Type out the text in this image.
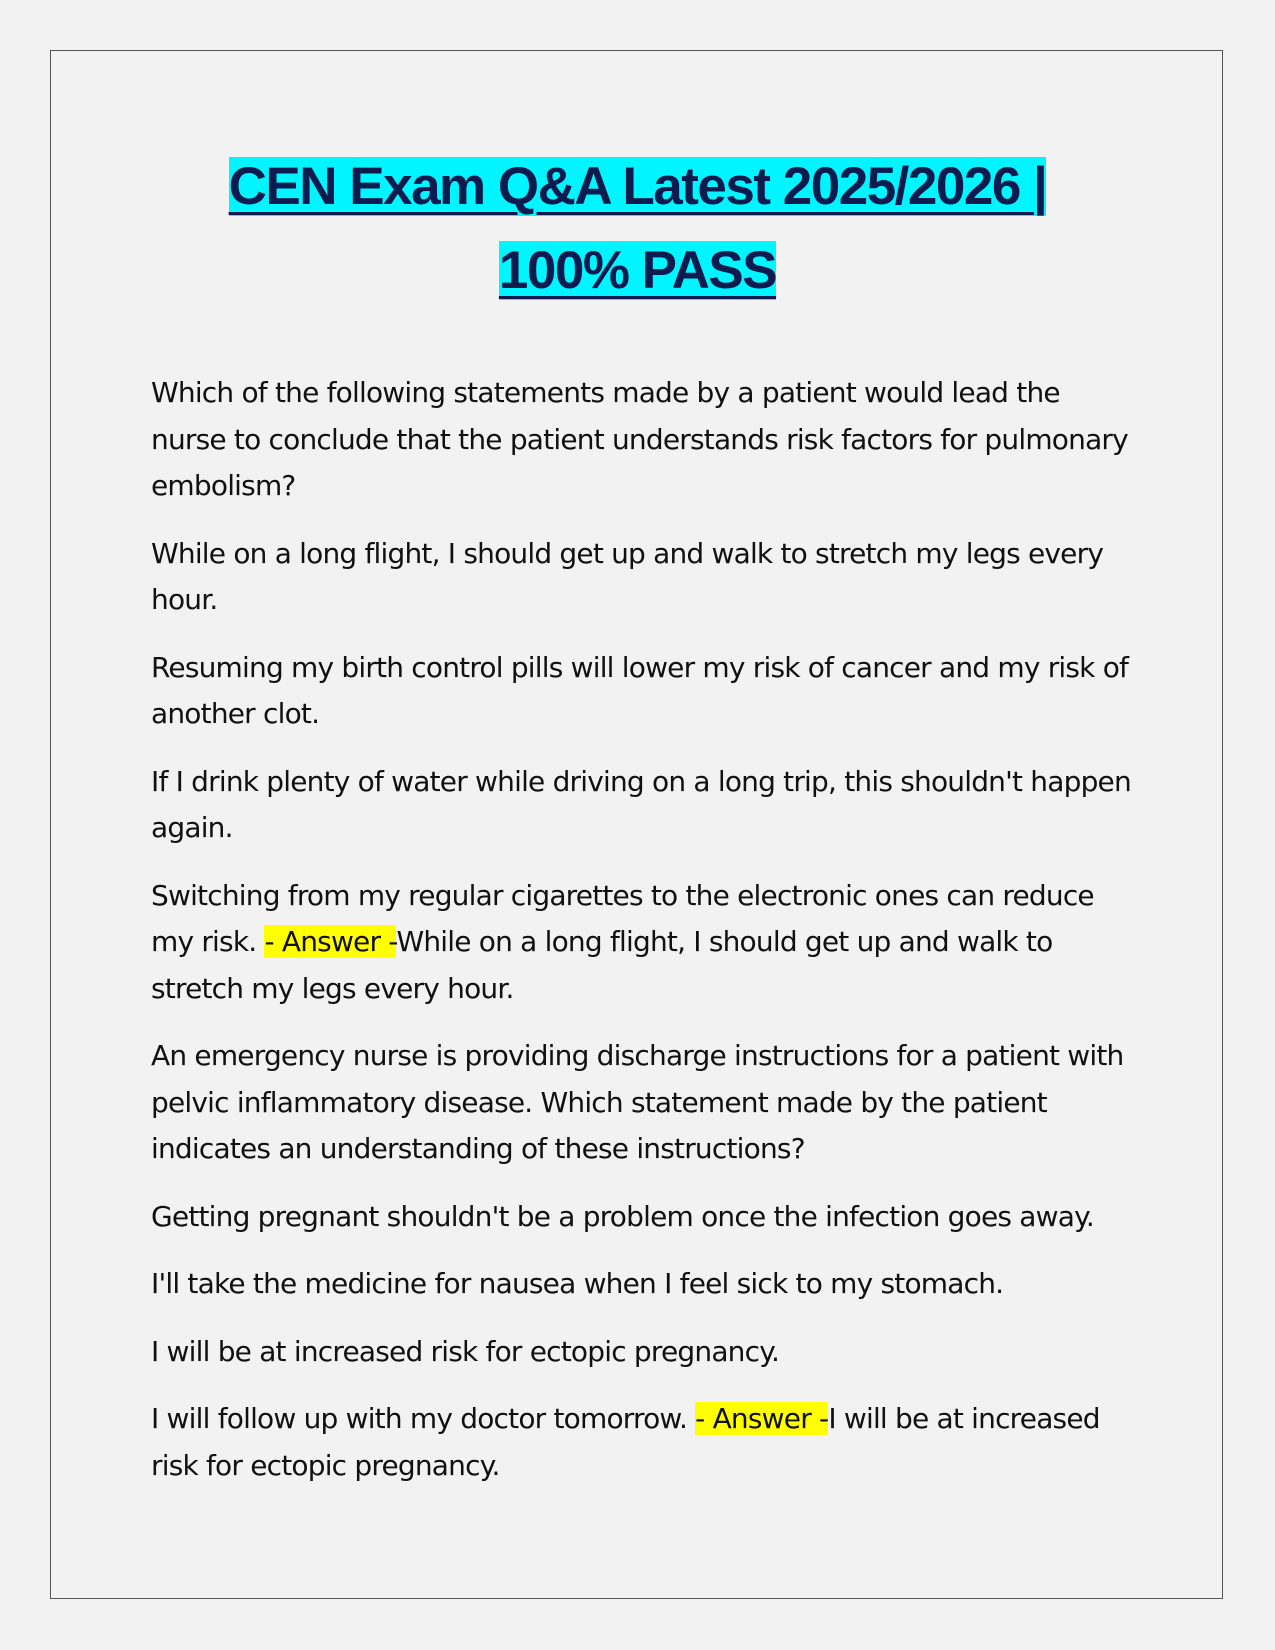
CEN Exam Q&A Latest 2025/2026 |
100% PASS

Which of the following statements made by a patient would lead the nurse to conclude that the patient understands risk factors for pulmonary embolism?

While on a long flight, I should get up and walk to stretch my legs every hour.

Resuming my birth control pills will lower my risk of cancer and my risk of another clot.

If I drink plenty of water while driving on a long trip, this shouldn't happen again.

Switching from my regular cigarettes to the electronic ones can reduce my risk. - Answer -While on a long flight, I should get up and walk to stretch my legs every hour.

An emergency nurse is providing discharge instructions for a patient with pelvic inflammatory disease. Which statement made by the patient indicates an understanding of these instructions?

Getting pregnant shouldn't be a problem once the infection goes away.

I'll take the medicine for nausea when I feel sick to my stomach.

I will be at increased risk for ectopic pregnancy.

I will follow up with my doctor tomorrow. - Answer -I will be at increased risk for ectopic pregnancy.
